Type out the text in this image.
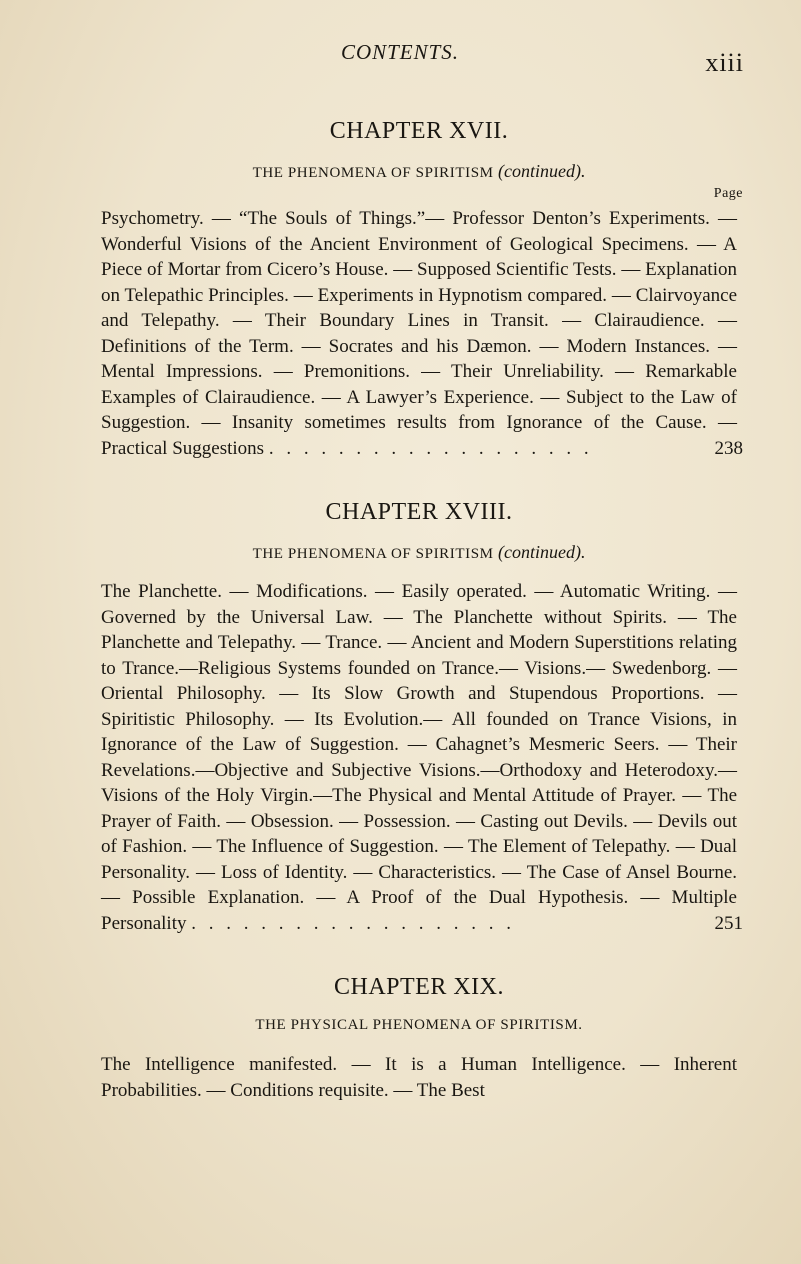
CONTENTS.	xiii
CHAPTER XVII.
THE PHENOMENA OF SPIRITISM (continued).
Page

Psychometry. — “The Souls of Things.”— Professor Denton’s Experiments. — Wonderful Visions of the Ancient Environment of Geological Specimens. — A Piece of Mortar from Cicero’s House. — Supposed Scientific Tests. — Explanation on Telepathic Principles. — Experiments in Hypnotism compared. — Clairvoyance and Telepathy. — Their Boundary Lines in Transit. — Clairaudience. — Definitions of the Term. — Socrates and his Dæmon. — Modern Instances. — Mental Impressions. — Premonitions. — Their Unreliability. — Remarkable Examples of Clairaudience. — A Lawyer’s Experience. — Subject to the Law of Suggestion. — Insanity sometimes results from Ignorance of the Cause. — Practical Suggestions . . . . . . . . . . . . . . . . . . .	238

CHAPTER XVIII.
THE PHENOMENA OF SPIRITISM (continued).

The Planchette. — Modifications. — Easily operated. — Automatic Writing. — Governed by the Universal Law. — The Planchette without Spirits. — The Planchette and Telepathy. — Trance. — Ancient and Modern Superstitions relating to Trance.—Religious Systems founded on Trance.— Visions.— Swedenborg. — Oriental Philosophy. — Its Slow Growth and Stupendous Proportions. — Spiritistic Philosophy. — Its Evolution.— All founded on Trance Visions, in Ignorance of the Law of Suggestion. — Cahagnet’s Mesmeric Seers. — Their Revelations.—Objective and Subjective Visions.—Orthodoxy and Heterodoxy.—Visions of the Holy Virgin.—The Physical and Mental Attitude of Prayer. — The Prayer of Faith. — Obsession. — Possession. — Casting out Devils. — Devils out of Fashion. — The Influence of Suggestion. — The Element of Telepathy. — Dual Personality. — Loss of Identity. — Characteristics. — The Case of Ansel Bourne. — Possible Explanation. — A Proof of the Dual Hypothesis. — Multiple Personality . . . . . . . . . . . . . . . . . . .	251

CHAPTER XIX.
THE PHYSICAL PHENOMENA OF SPIRITISM.

The Intelligence manifested. — It is a Human Intelligence. — Inherent Probabilities. — Conditions requisite. — The Best
